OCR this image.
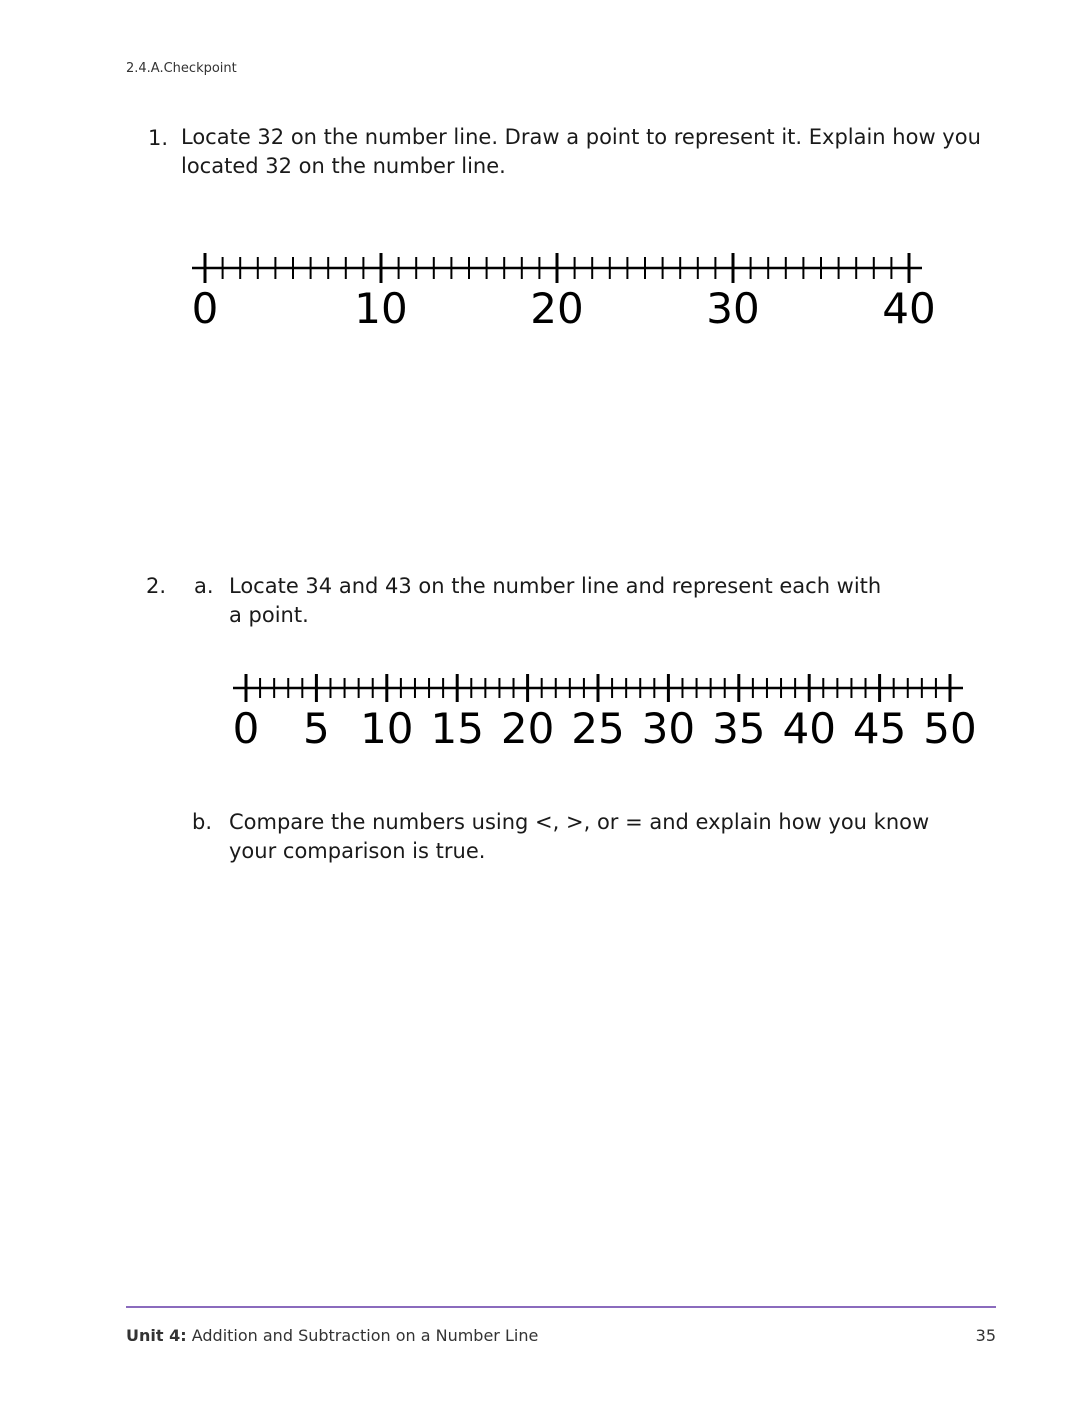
2.4.A.Checkpoint
1. Locate 32 on the number line. Draw a point to represent it. Explain how you
located 32 on the number line.
0	10	20	30	40
2. a. Locate 34 and 43 on the number line and represent each with
a point.
0 5 10 15 20 25 30 35 40 45 50
b. Compare the numbers using <, >, or = and explain how you know
your comparison is true.
Unit 4: Addition and Subtraction on a Number Line	35
